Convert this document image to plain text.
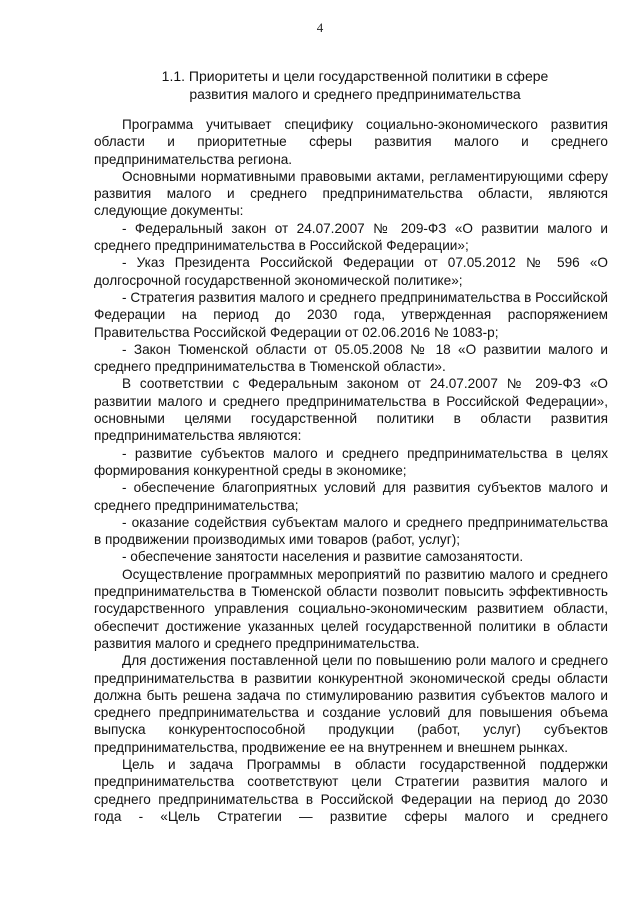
4
1.1. Приоритеты и цели государственной политики в сфере развития малого и среднего предпринимательства

Программа учитывает специфику социально-экономического развития области и приоритетные сферы развития малого и среднего предпринимательства региона.

Основными нормативными правовыми актами, регламентирующими сферу развития малого и среднего предпринимательства области, являются следующие документы:

- Федеральный закон от 24.07.2007 № 209-ФЗ «О развитии малого и среднего предпринимательства в Российской Федерации»;

- Указ Президента Российской Федерации от 07.05.2012 № 596 «О долгосрочной государственной экономической политике»;

- Стратегия развития малого и среднего предпринимательства в Российской Федерации на период до 2030 года, утвержденная распоряжением Правительства Российской Федерации от 02.06.2016 № 1083-р;

- Закон Тюменской области от 05.05.2008 № 18 «О развитии малого и среднего предпринимательства в Тюменской области».

В соответствии с Федеральным законом от 24.07.2007 № 209-ФЗ «О развитии малого и среднего предпринимательства в Российской Федерации», основными целями государственной политики в области развития предпринимательства являются:

- развитие субъектов малого и среднего предпринимательства в целях формирования конкурентной среды в экономике;

- обеспечение благоприятных условий для развития субъектов малого и среднего предпринимательства;

- оказание содействия субъектам малого и среднего предпринимательства в продвижении производимых ими товаров (работ, услуг);

- обеспечение занятости населения и развитие самозанятости.

Осуществление программных мероприятий по развитию малого и среднего предпринимательства в Тюменской области позволит повысить эффективность государственного управления социально-экономическим развитием области, обеспечит достижение указанных целей государственной политики в области развития малого и среднего предпринимательства.

Для достижения поставленной цели по повышению роли малого и среднего предпринимательства в развитии конкурентной экономической среды области должна быть решена задача по стимулированию развития субъектов малого и среднего предпринимательства и создание условий для повышения объема выпуска конкурентоспособной продукции (работ, услуг) субъектов предпринимательства, продвижение ее на внутреннем и внешнем рынках.

Цель и задача Программы в области государственной поддержки предпринимательства соответствуют цели Стратегии развития малого и среднего предпринимательства в Российской Федерации на период до 2030 года - «Цель Стратегии — развитие сферы малого и среднего
